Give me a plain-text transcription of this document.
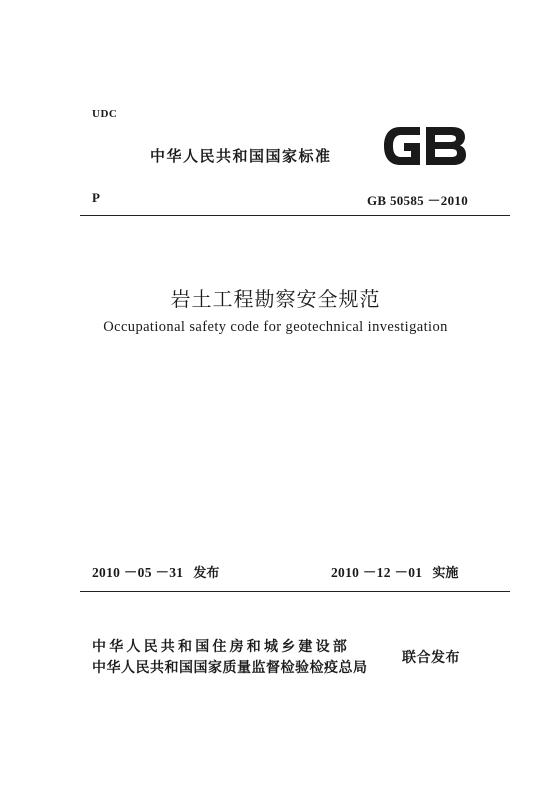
UDC
中华人民共和国国家标准
P	GB 50585 －2010
岩土工程勘察安全规范
Occupational safety code for geotechnical investigation
2010 －05 －31 发布	2010 －12 －01 实施
中华人民共和国住房和城乡建设部
中华人民共和国国家质量监督检验检疫总局
联合发布
